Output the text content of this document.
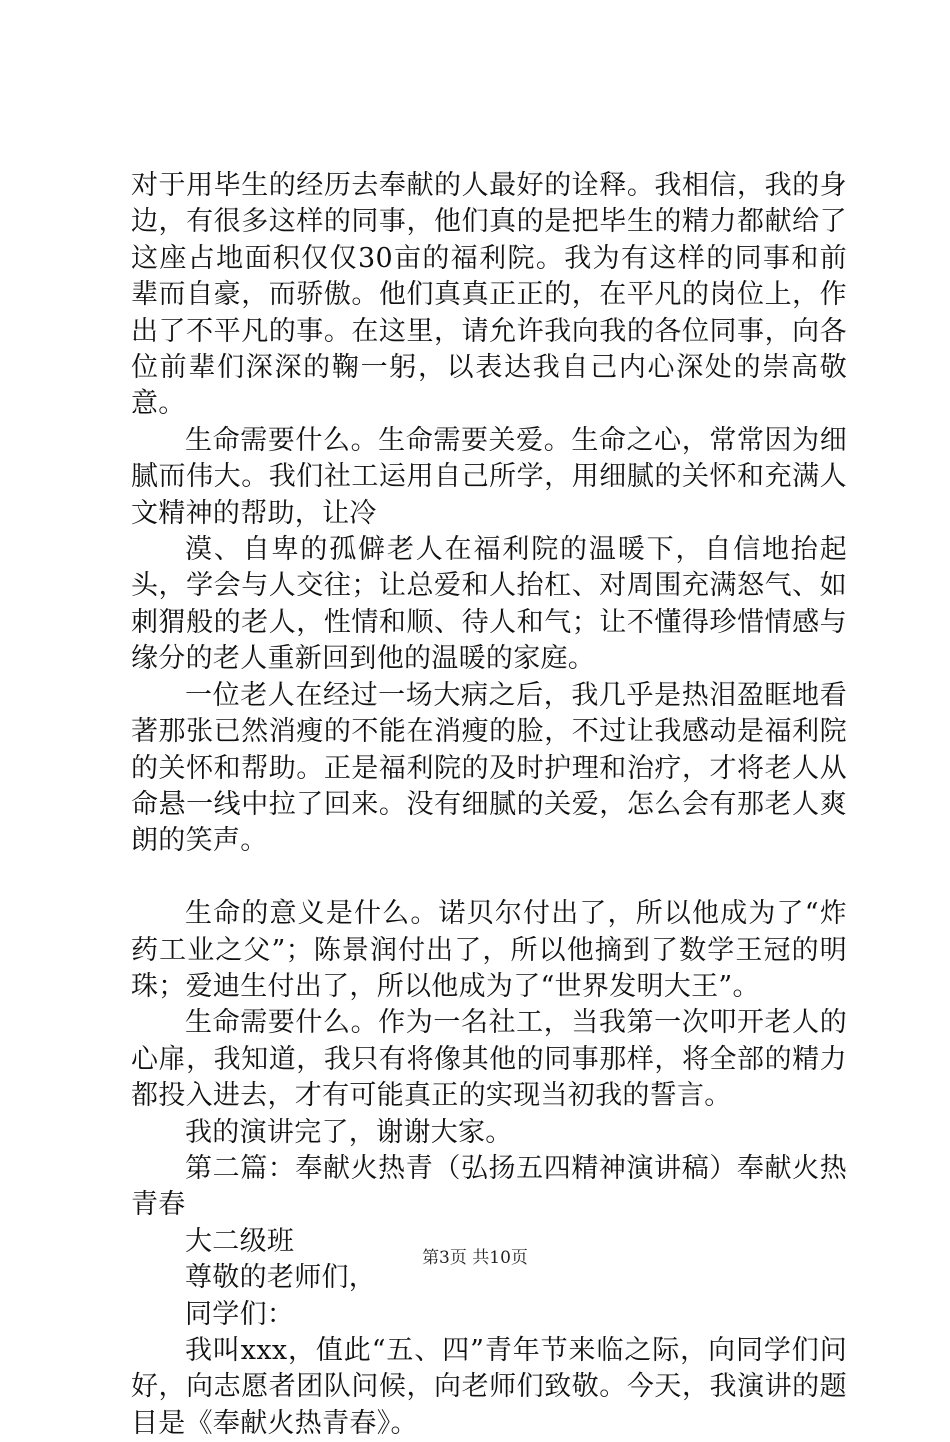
对于用毕生的经历去奉献的人最好的诠释。我相信，我的身边，有很多这样的同事，他们真的是把毕生的精力都献给了这座占地面积仅仅30亩的福利院。我为有这样的同事和前辈而自豪，而骄傲。他们真真正正的，在平凡的岗位上，作出了不平凡的事。在这里，请允许我向我的各位同事，向各位前辈们深深的鞠一躬，以表达我自己内心深处的崇高敬意。

生命需要什么。生命需要关爱。生命之心，常常因为细腻而伟大。我们社工运用自己所学，用细腻的关怀和充满人文精神的帮助，让冷

漠、自卑的孤僻老人在福利院的温暖下，自信地抬起头，学会与人交往；让总爱和人抬杠、对周围充满怒气、如刺猬般的老人，性情和顺、待人和气；让不懂得珍惜情感与缘分的老人重新回到他的温暖的家庭。

一位老人在经过一场大病之后，我几乎是热泪盈眶地看著那张已然消瘦的不能在消瘦的脸，不过让我感动是福利院的关怀和帮助。正是福利院的及时护理和治疗，才将老人从命悬一线中拉了回来。没有细腻的关爱，怎么会有那老人爽朗的笑声。

生命的意义是什么。诺贝尔付出了，所以他成为了“炸药工业之父”；陈景润付出了，所以他摘到了数学王冠的明珠；爱迪生付出了，所以他成为了“世界发明大王”。

生命需要什么。作为一名社工，当我第一次叩开老人的心扉，我知道，我只有将像其他的同事那样，将全部的精力都投入进去，才有可能真正的实现当初我的誓言。

我的演讲完了，谢谢大家。

第二篇：奉献火热青（弘扬五四精神演讲稿）奉献火热青春

大二级班

尊敬的老师们，

同学们：

我叫xxx，值此“五、四”青年节来临之际，向同学们问好，向志愿者团队问候，向老师们致敬。今天，我演讲的题目是《奉献火热青春》。

第3页 共10页
